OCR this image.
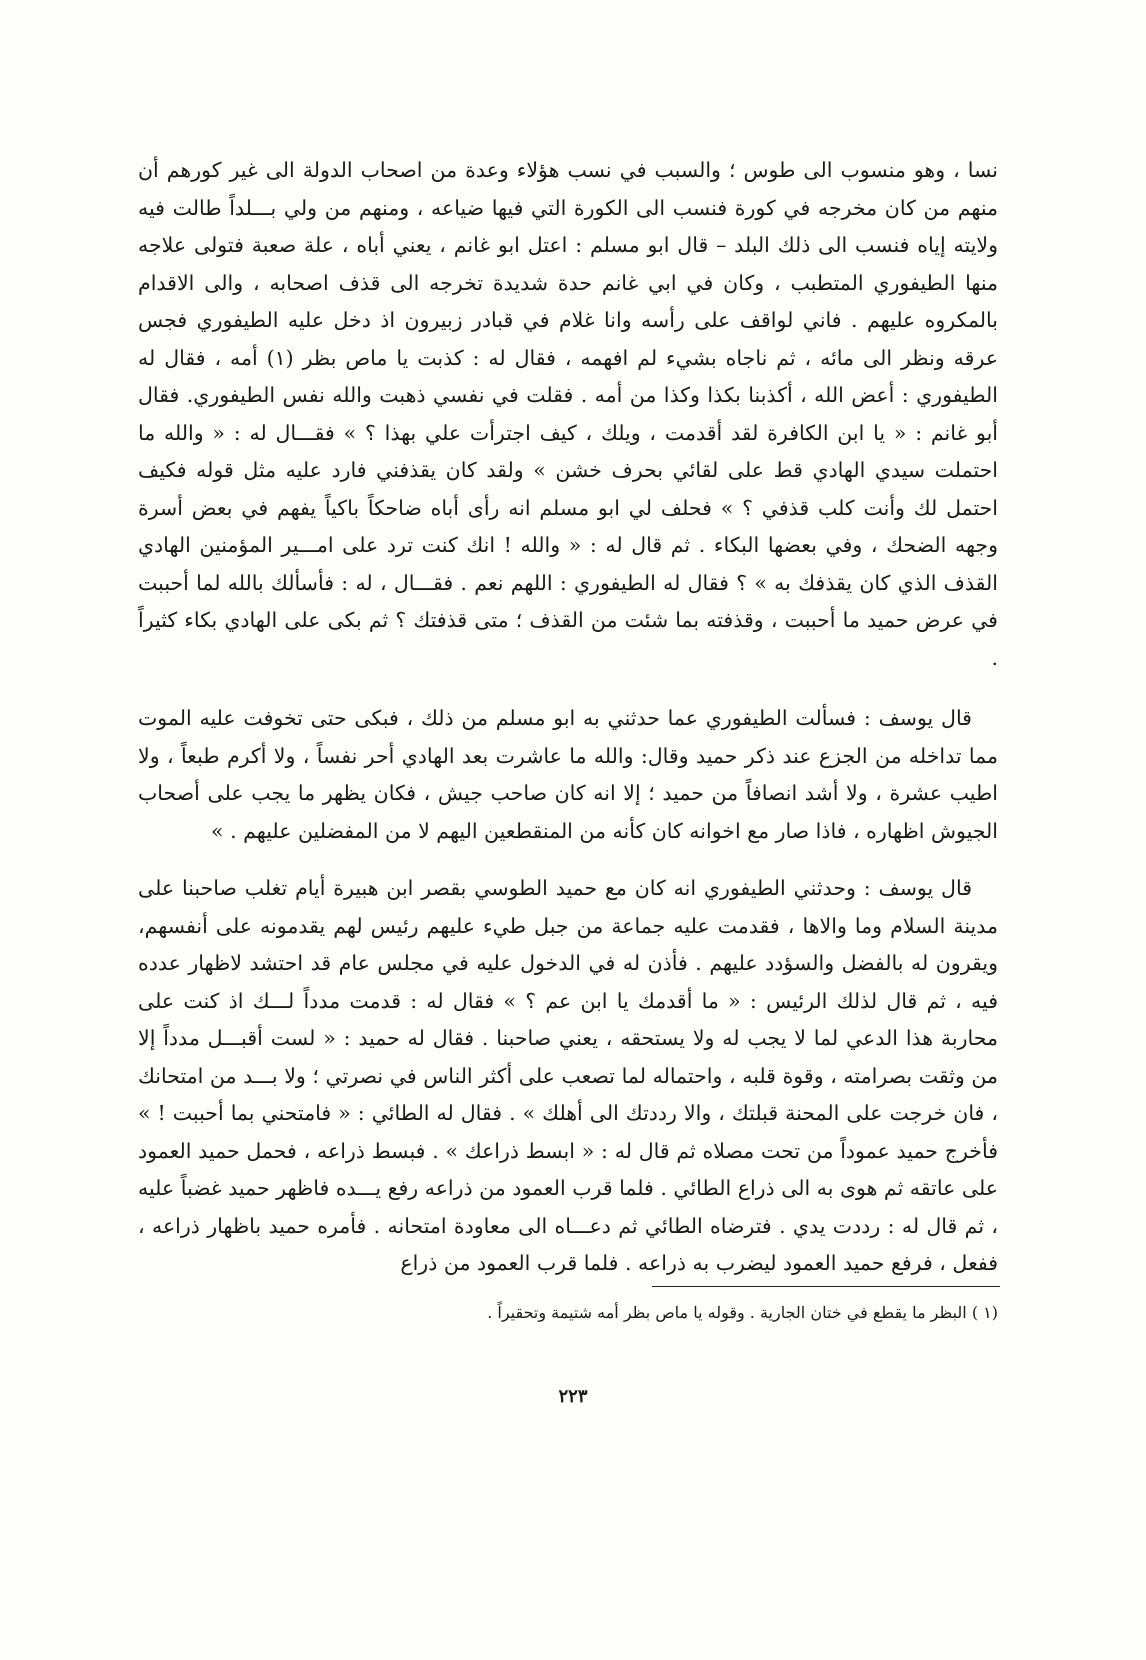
نسا ، وهو منسوب الى طوس ؛ والسبب في نسب هؤلاء وعدة من اصحاب الدولة الى غير كورهم أن منهم من كان مخرجه في كورة فنسب الى الكورة التي فيها ضياعه ، ومنهم من ولي بـــلداً طالت فيه ولايته إياه فنسب الى ذلك البلد – قال ابو مسلم : اعتل ابو غانم ، يعني أباه ، علة صعبة فتولى علاجه منها الطيفوري المتطبب ، وكان في ابي غانم حدة شديدة تخرجه الى قذف اصحابه ، والى الاقدام بالمكروه عليهم . فاني لواقف على رأسه وانا غلام في قبادر زبيرون اذ دخل عليه الطيفوري فجس عرقه ونظر الى مائه ، ثم ناجاه بشيء لم افهمه ، فقال له : كذبت يا ماص بظر (١) أمه ، فقال له الطيفوري : أعض الله ، أكذبنا بكذا وكذا من أمه . فقلت في نفسي ذهبت والله نفس الطيفوري. فقال أبو غانم : « يا ابن الكافرة لقد أقدمت ، ويلك ، كيف اجترأت علي بهذا ؟ » فقـــال له : « والله ما احتملت سيدي الهادي قط على لقائي بحرف خشن » ولقد كان يقذفني فارد عليه مثل قوله فكيف احتمل لك وأنت كلب قذفي ؟ » فحلف لي ابو مسلم انه رأى أباه ضاحكاً باكياً يفهم في بعض أسرة وجهه الضحك ، وفي بعضها البكاء . ثم قال له : « والله ! انك كنت ترد على امـــير المؤمنين الهادي القذف الذي كان يقذفك به » ؟ فقال له الطيفوري : اللهم نعم . فقـــال ، له : فأسألك بالله لما أحببت في عرض حميد ما أحببت ، وقذفته بما شئت من القذف ؛ متى قذفتك ؟ ثم بكى على الهادي بكاء كثيراً .

قال يوسف : فسألت الطيفوري عما حدثني به ابو مسلم من ذلك ، فبكى حتى تخوفت عليه الموت مما تداخله من الجزع عند ذكر حميد وقال: والله ما عاشرت بعد الهادي أحر نفساً ، ولا أكرم طبعاً ، ولا اطيب عشرة ، ولا أشد انصافاً من حميد ؛ إلا انه كان صاحب جيش ، فكان يظهر ما يجب على أصحاب الجيوش اظهاره ، فاذا صار مع اخوانه كان كأنه من المنقطعين اليهم لا من المفضلين عليهم . »

قال يوسف : وحدثني الطيفوري انه كان مع حميد الطوسي بقصر ابن هبيرة أيام تغلب صاحبنا على مدينة السلام وما والاها ، فقدمت عليه جماعة من جبل طيء عليهم رئيس لهم يقدمونه على أنفسهم، ويقرون له بالفضل والسؤدد عليهم . فأذن له في الدخول عليه في مجلس عام قد احتشد لاظهار عدده فيه ، ثم قال لذلك الرئيس : « ما أقدمك يا ابن عم ؟ » فقال له : قدمت مدداً لـــك اذ كنت على محاربة هذا الدعي لما لا يجب له ولا يستحقه ، يعني صاحبنا . فقال له حميد : « لست أقبـــل مدداً إلا من وثقت بصرامته ، وقوة قلبه ، واحتماله لما تصعب على أكثر الناس في نصرتي ؛ ولا بـــد من امتحانك ، فان خرجت على المحنة قبلتك ، والا رددتك الى أهلك » . فقال له الطائي : « فامتحني بما أحببت ! » فأخرج حميد عموداً من تحت مصلاه ثم قال له : « ابسط ذراعك » . فبسط ذراعه ، فحمل حميد العمود على عاتقه ثم هوى به الى ذراع الطائي . فلما قرب العمود من ذراعه رفع يـــده فاظهر حميد غضباً عليه ، ثم قال له : رددت يدي . فترضاه الطائي ثم دعـــاه الى معاودة امتحانه . فأمره حميد باظهار ذراعه ، ففعل ، فرفع حميد العمود ليضرب به ذراعه . فلما قرب العمود من ذراع

(١ ) البظر ما يقطع في ختان الجارية . وقوله يا ماص بظر أمه شتيمة وتحقيراً .

٢٢٣
